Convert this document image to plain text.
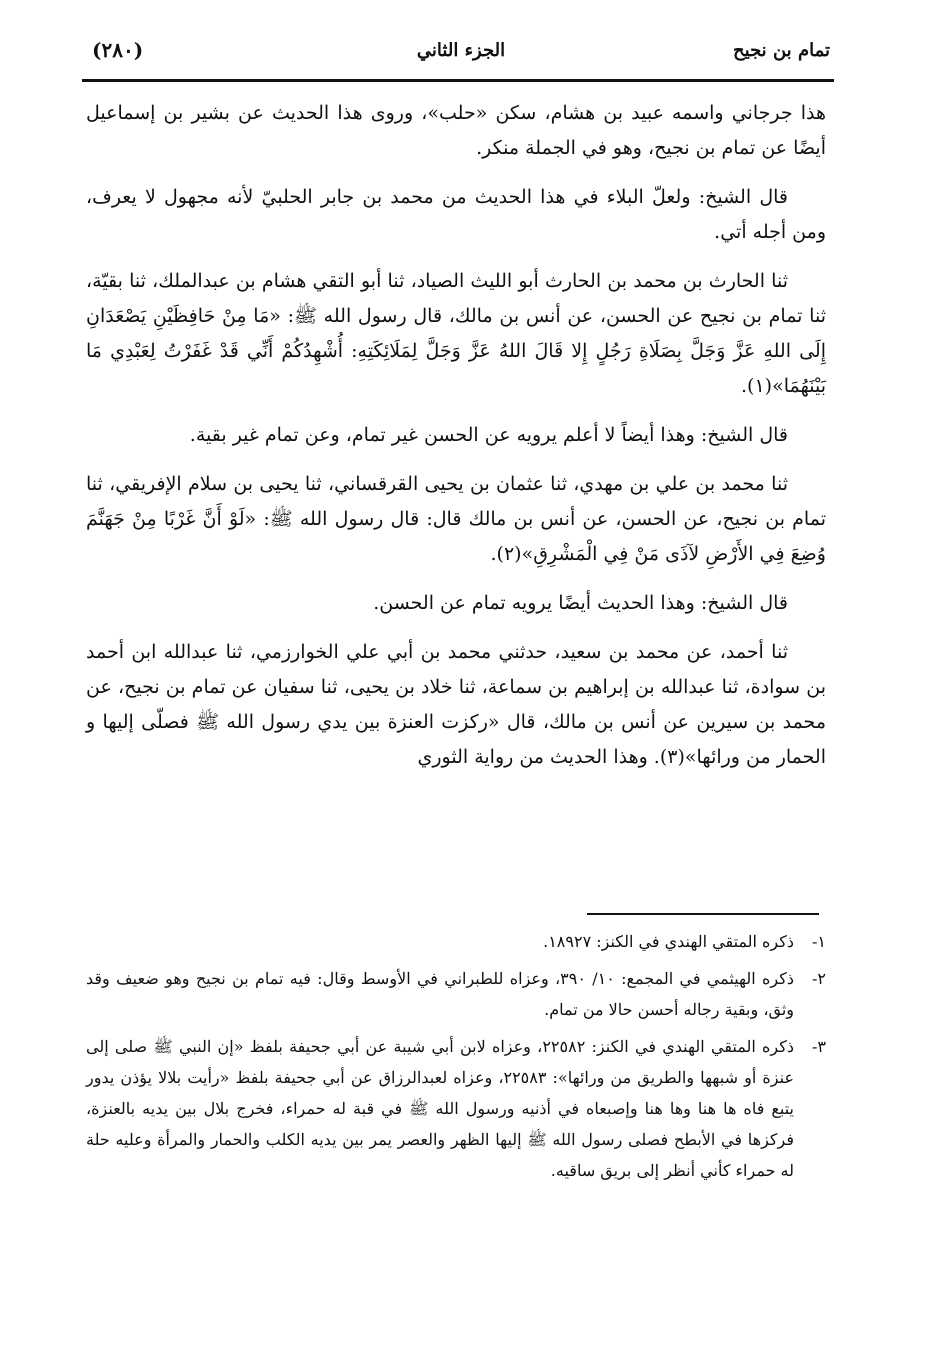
تمام بن نجيح
الجزء الثاني
(٢٨٠)

هذا جرجاني واسمه عبيد بن هشام، سكن «حلب»، وروى هذا الحديث عن بشير بن إسماعيل أيضًا عن تمام بن نجيح، وهو في الجملة منكر.

قال الشيخ: ولعلّ البلاء في هذا الحديث من محمد بن جابر الحلبيّ لأنه مجهول لا يعرف، ومن أجله أتي.

ثنا الحارث بن محمد بن الحارث أبو الليث الصياد، ثنا أبو التقي هشام بن عبدالملك، ثنا بقيّة، ثنا تمام بن نجيح عن الحسن، عن أنس بن مالك، قال رسول الله ﷺ: «مَا مِنْ حَافِظَيْنِ يَصْعَدَانِ إِلَى اللهِ عَزَّ وَجَلَّ بِصَلَاةِ رَجُلٍ إِلا قَالَ اللهُ عَزَّ وَجَلَّ لِمَلَائِكَتِهِ: أُشْهِدُكُمْ أَنِّي قَدْ غَفَرْتُ لِعَبْدِي مَا بَيْنَهُمَا»(١).

قال الشيخ: وهذا أيضاً لا أعلم يرويه عن الحسن غير تمام، وعن تمام غير بقية.

ثنا محمد بن علي بن مهدي، ثنا عثمان بن يحيى القرقساني، ثنا يحيى بن سلام الإفريقي، ثنا تمام بن نجيح، عن الحسن، عن أنس بن مالك قال: قال رسول الله ﷺ: «لَوْ أَنَّ غَرْبًا مِنْ جَهَنَّمَ وُضِعَ فِي الأَرْضِ لآذَى مَنْ فِي الْمَشْرِقِ»(٢).

قال الشيخ: وهذا الحديث أيضًا يرويه تمام عن الحسن.

ثنا أحمد، عن محمد بن سعيد، حدثني محمد بن أبي علي الخوارزمي، ثنا عبدالله ابن أحمد بن سوادة، ثنا عبدالله بن إبراهيم بن سماعة، ثنا خلاد بن يحيى، ثنا سفيان عن تمام بن نجيح، عن محمد بن سيرين عن أنس بن مالك، قال «ركزت العنزة بين يدي رسول الله ﷺ فصلّى إليها و الحمار من ورائها»(٣). وهذا الحديث من رواية الثوري

١-
ذكره المتقي الهندي في الكنز: ١٨٩٢٧.
٢-
ذكره الهيثمي في المجمع: ١٠/ ٣٩٠، وعزاه للطبراني في الأوسط وقال: فيه تمام بن نجيح وهو ضعيف وقد وثق، وبقية رجاله أحسن حالا من تمام.
٣-
ذكره المتقي الهندي في الكنز: ٢٢٥٨٢، وعزاه لابن أبي شيبة عن أبي جحيفة بلفظ «إن النبي ﷺ صلى إلى عنزة أو شبهها والطريق من ورائها»: ٢٢٥٨٣، وعزاه لعبدالرزاق عن أبي جحيفة بلفظ «رأيت بلالا يؤذن يدور يتبع فاه ها هنا وها هنا وإصبعاه في أذنيه ورسول الله ﷺ في قبة له حمراء، فخرج بلال بين يديه بالعنزة، فركزها في الأبطح فصلى رسول الله ﷺ إليها الظهر والعصر يمر بين يديه الكلب والحمار والمرأة وعليه حلة له حمراء كأني أنظر إلى بريق ساقيه.
